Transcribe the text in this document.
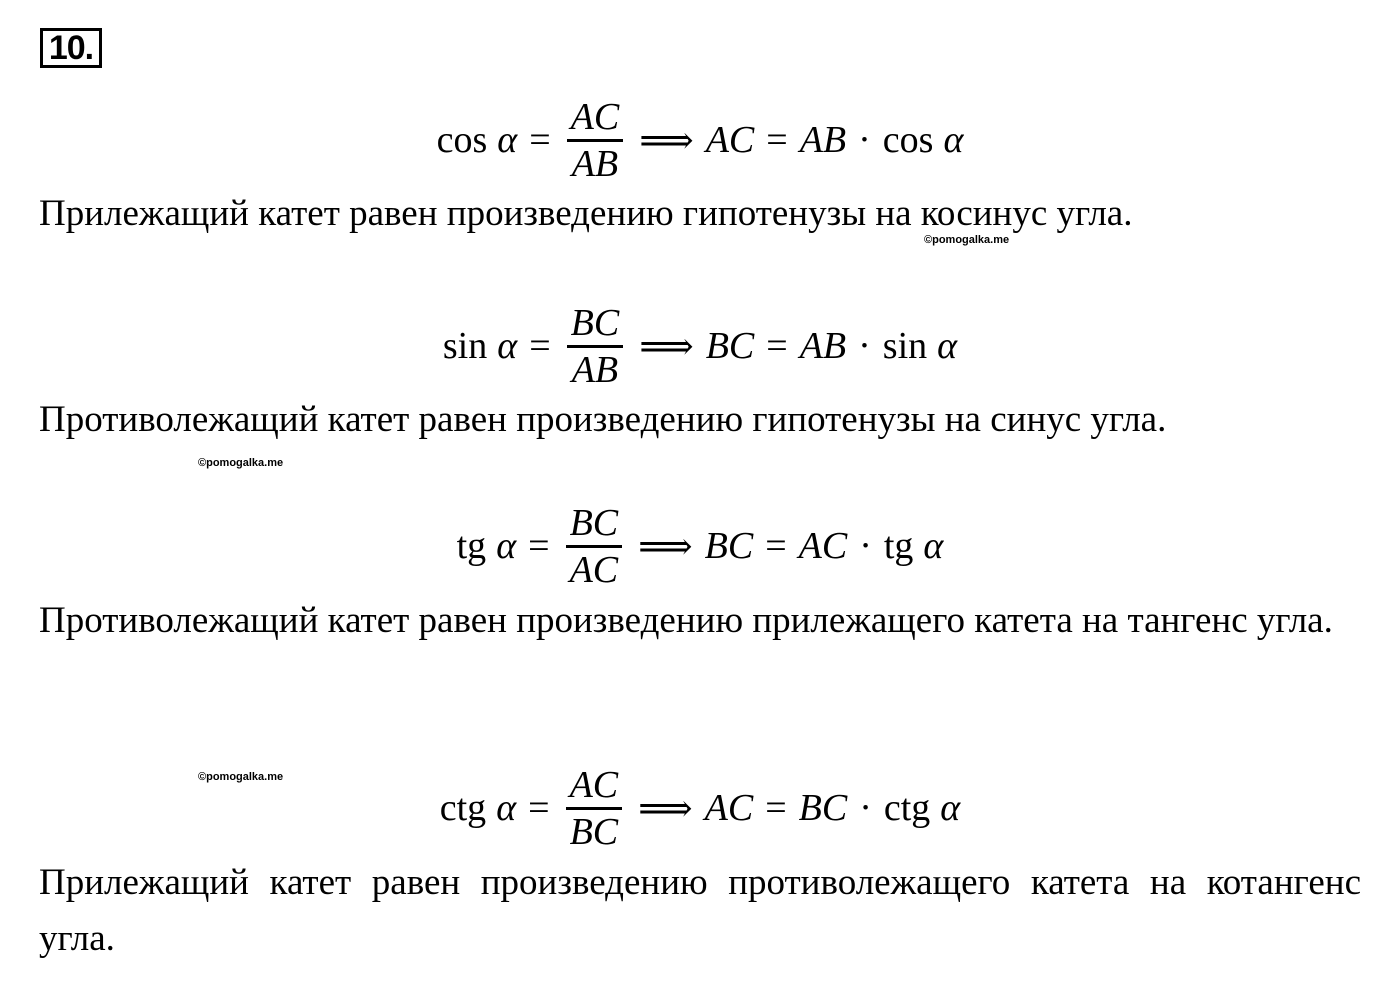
10.
$\cos \alpha = \frac{AC}{AB}$ ⟹ AC = AB · cos α

Прилежащий катет равен произведению гипотенузы на косинус угла.

©pomogalka.me
$\sin \alpha = \frac{BC}{AB}$ ⟹ BC = AB · sin α

Противолежащий катет равен произведению гипотенузы на синус угла.

©pomogalka.me
tg $\alpha = \frac{BC}{AC}$ ⟹ BC = AC · tg α

Противолежащий катет равен произведению прилежащего катета на тангенс угла.

©pomogalka.me
ctg $\alpha = \frac{AC}{BC}$ ⟹ AC = BC · ctg α

Прилежащий катет равен произведению противолежащего катета на котангенс угла.
